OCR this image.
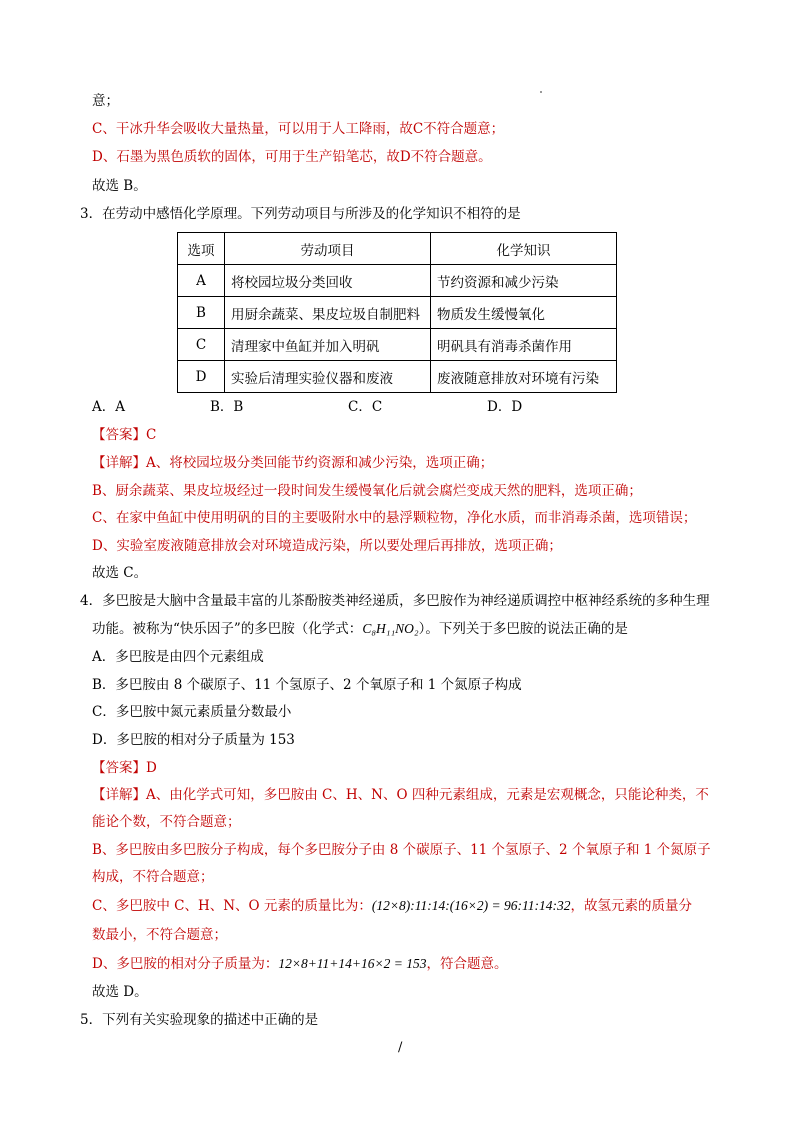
意；
C、干冰升华会吸收大量热量，可以用于人工降雨，故C不符合题意；
D、石墨为黑色质软的固体，可用于生产铅笔芯，故D不符合题意。
故选 B。
3．在劳动中感悟化学原理。下列劳动项目与所涉及的化学知识不相符的是
选项	劳动项目	化学知识
A	将校园垃圾分类回收	节约资源和减少污染
B	用厨余蔬菜、果皮垃圾自制肥料	物质发生缓慢氧化
C	清理家中鱼缸并加入明矾	明矾具有消毒杀菌作用
D	实验后清理实验仪器和废液	废液随意排放对环境有污染
A．A	B．B	C．C	D．D
【答案】C
【详解】A、将校园垃圾分类回能节约资源和减少污染，选项正确；
B、厨余蔬菜、果皮垃圾经过一段时间发生缓慢氧化后就会腐烂变成天然的肥料，选项正确；
C、在家中鱼缸中使用明矾的目的主要吸附水中的悬浮颗粒物，净化水质，而非消毒杀菌，选项错误；
D、实验室废液随意排放会对环境造成污染，所以要处理后再排放，选项正确；
故选 C。
4．多巴胺是大脑中含量最丰富的儿茶酚胺类神经递质，多巴胺作为神经递质调控中枢神经系统的多种生理
功能。被称为“快乐因子”的多巴胺（化学式：C₈H₁₁NO₂）。下列关于多巴胺的说法正确的是
A．多巴胺是由四个元素组成
B．多巴胺由 8 个碳原子、11 个氢原子、2 个氧原子和 1 个氮原子构成
C．多巴胺中氮元素质量分数最小
D．多巴胺的相对分子质量为 153
【答案】D
【详解】A、由化学式可知，多巴胺由 C、H、N、O 四种元素组成，元素是宏观概念，只能论种类，不
能论个数，不符合题意；
B、多巴胺由多巴胺分子构成，每个多巴胺分子由 8 个碳原子、11 个氢原子、2 个氧原子和 1 个氮原子
构成，不符合题意；
C、多巴胺中 C、H、N、O 元素的质量比为：(12×8):11:14:(16×2) = 96:11:14:32，故氢元素的质量分
数最小，不符合题意；
D、多巴胺的相对分子质量为：12×8+11+14+16×2 = 153，符合题意。
故选 D。
5．下列有关实验现象的描述中正确的是
/
